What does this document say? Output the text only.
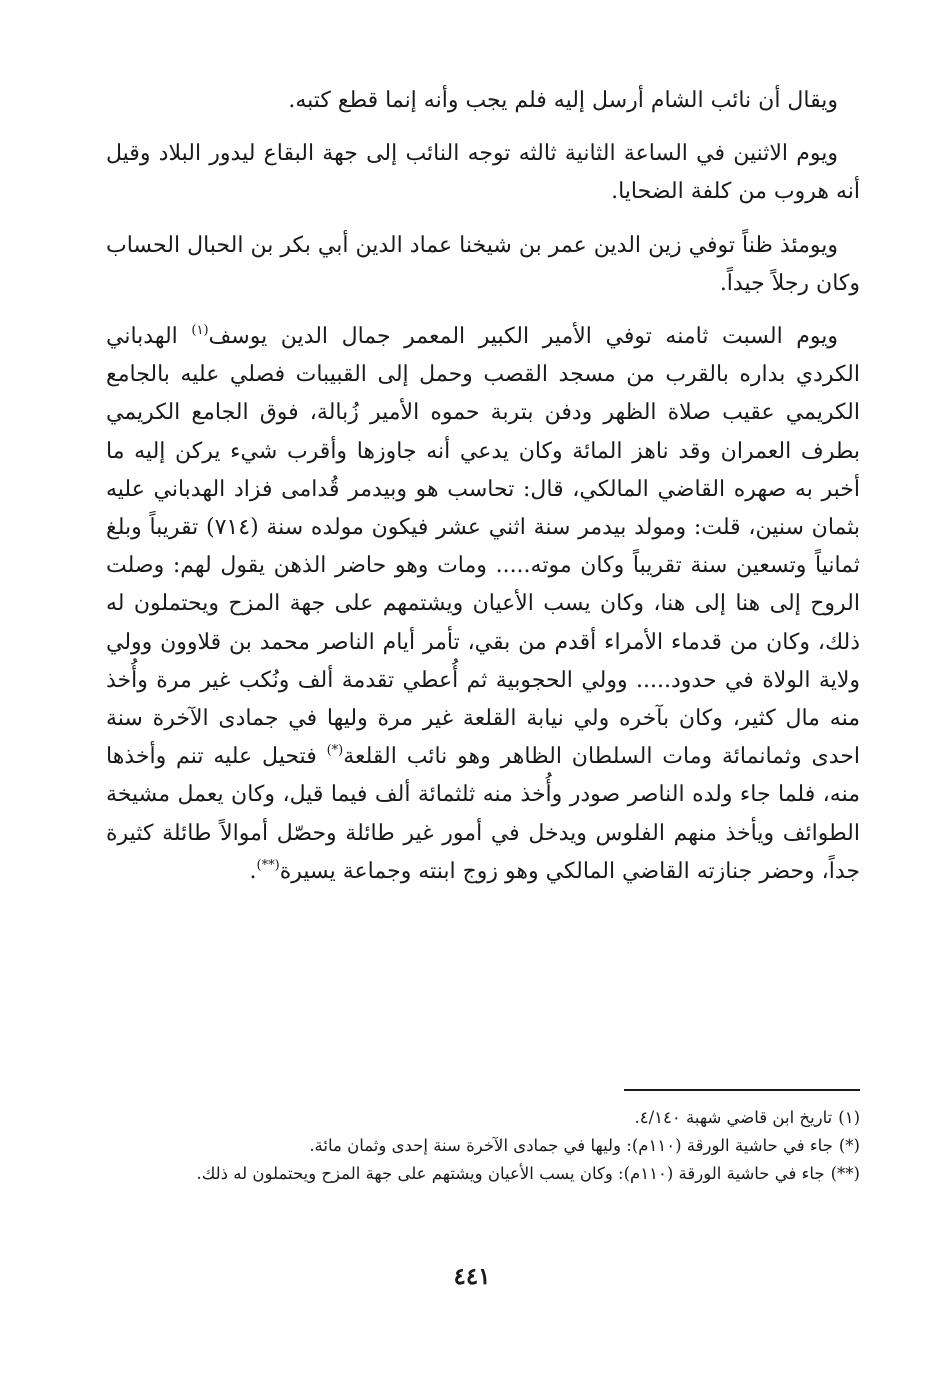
ويقال أن نائب الشام أرسل إليه فلم يجب وأنه إنما قطع كتبه.

ويوم الاثنين في الساعة الثانية ثالثه توجه النائب إلى جهة البقاع ليدور البلاد وقيل أنه هروب من كلفة الضحايا.

ويومئذ ظناً توفي زين الدين عمر بن شيخنا عماد الدين أبي بكر بن الحبال الحساب وكان رجلاً جيداً.

ويوم السبت ثامنه توفي الأمير الكبير المعمر جمال الدين يوسف$^{(١)}$ الهدباني الكردي بداره بالقرب من مسجد القصب وحمل إلى القبيبات فصلي عليه بالجامع الكريمي عقيب صلاة الظهر ودفن بتربة حموه الأمير زُبالة، فوق الجامع الكريمي بطرف العمران وقد ناهز المائة وكان يدعي أنه جاوزها وأقرب شيء يركن إليه ما أخبر به صهره القاضي المالكي، قال: تحاسب هو وبيدمر قُدامى فزاد الهدباني عليه بثمان سنين، قلت: ومولد بيدمر سنة اثني عشر فيكون مولده سنة (٧١٤) تقريباً وبلغ ثمانياً وتسعين سنة تقريباً وكان موته..... ومات وهو حاضر الذهن يقول لهم: وصلت الروح إلى هنا إلى هنا، وكان يسب الأعيان ويشتمهم على جهة المزح ويحتملون له ذلك، وكان من قدماء الأمراء أقدم من بقي، تأمر أيام الناصر محمد بن قلاوون وولي ولاية الولاة في حدود..... وولي الحجوبية ثم أُعطي تقدمة ألف ونُكب غير مرة وأُخذ منه مال كثير، وكان بآخره ولي نيابة القلعة غير مرة وليها في جمادى الآخرة سنة احدى وثمانمائة ومات السلطان الظاهر وهو نائب القلعة(*) فتحيل عليه تنم وأخذها منه، فلما جاء ولده الناصر صودر وأُخذ منه ثلثمائة ألف فيما قيل، وكان يعمل مشيخة الطوائف ويأخذ منهم الفلوس ويدخل في أمور غير طائلة وحصّل أموالاً طائلة كثيرة جداً، وحضر جنازته القاضي المالكي وهو زوج ابنته وجماعة يسيرة(**).

(١)تاريخ ابن قاضي شهبة ٤/١٤٠.

(*)جاء في حاشية الورقة (١١٠م): وليها في جمادى الآخرة سنة إحدى وثمان مائة.

(**)جاء في حاشية الورقة (١١٠م): وكان يسب الأعيان ويشتهم على جهة المزح ويحتملون له ذلك.

٤٤١
